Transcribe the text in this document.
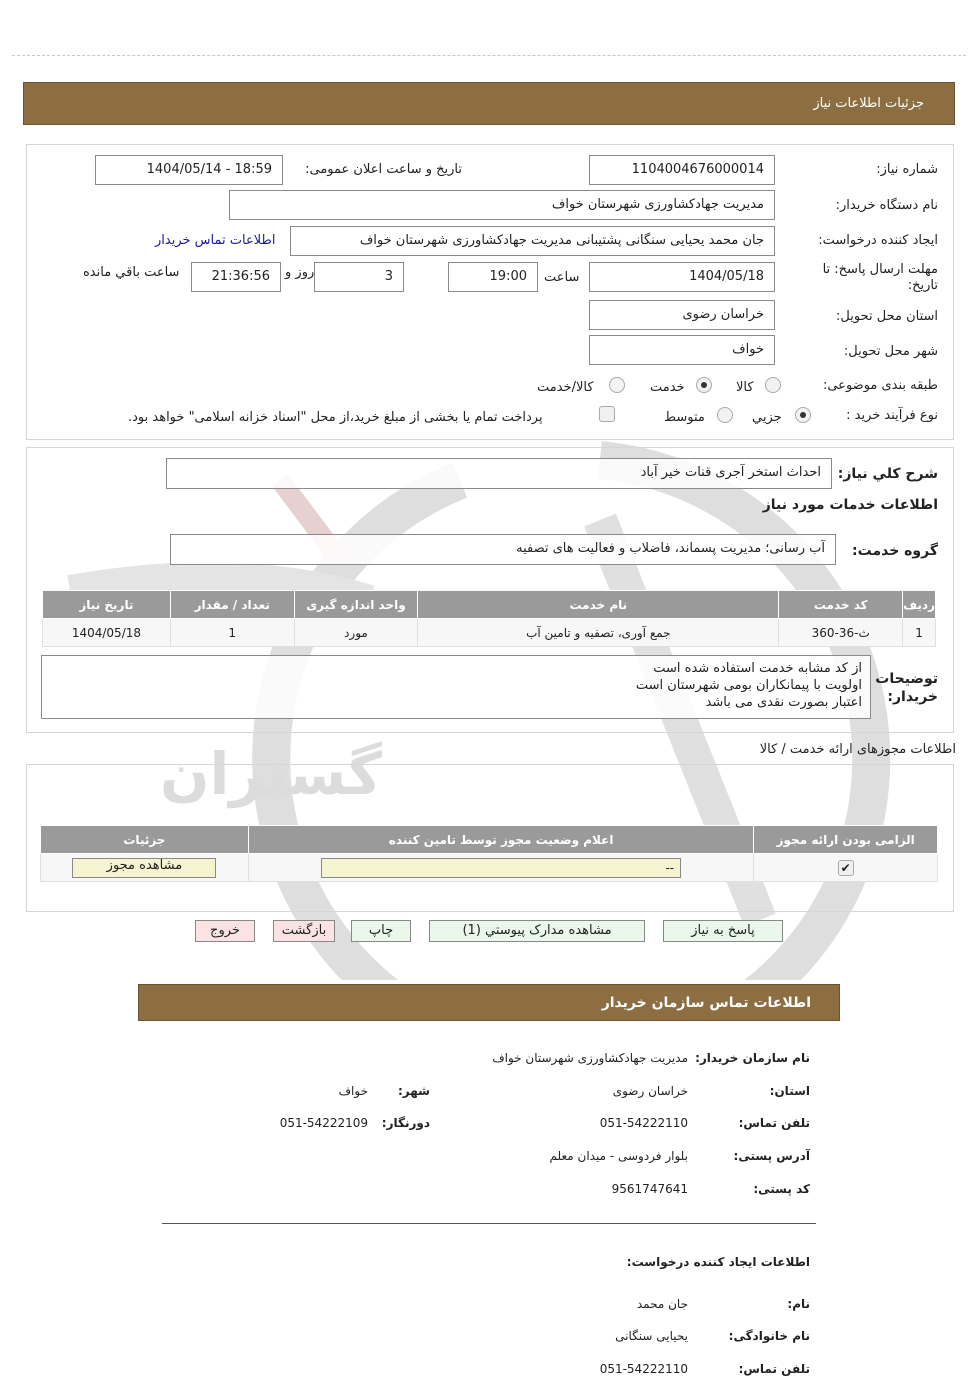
گستران
جزئیات اطلاعات نیاز
شماره نیاز:
1104004676000014
تاریخ و ساعت اعلان عمومی:
1404/05/14 - 18:59
نام دستگاه خریدار:
مدیریت جهادکشاورزی شهرستان خواف
ایجاد کننده درخواست:
جان محمد یحیایی سنگانی پشتیبانی مدیریت جهادکشاورزی شهرستان خواف
اطلاعات تماس خریدار
مهلت ارسال پاسخ: تا
تاریخ:
1404/05/18
ساعت
19:00
3
روز و
21:36:56
ساعت باقي مانده
استان محل تحویل:
خراسان رضوی
شهر محل تحویل:
خواف
طبقه بندی موضوعی:
کالا
خدمت
کالا/خدمت
نوع فرآیند خرید :
جزیي
متوسط
پرداخت تمام یا بخشی از مبلغ خرید،از محل "اسناد خزانه اسلامی" خواهد بود.
شرح کلي نیاز:
احداث استخر آجری قنات خیر آباد
اطلاعات خدمات مورد نیاز
گروه خدمت:
آب رسانی؛ مدیریت پسماند، فاضلاب و فعالیت های تصفیه
ردیف	کد خدمت	نام خدمت	واحد اندازه گیری	تعداد / مقدار	تاریخ نیاز
1	ث-36-360	جمع آوری، تصفیه و تامین آب	مورد	1	1404/05/18
توضیحات
خریدار:
از کد مشابه خدمت استفاده شده است
اولویت با پیمانکاران بومی شهرستان است
اعتبار بصورت نقدی می باشد
اطلاعات مجوزهای ارائه خدمت / کالا
الزامی بودن ارائه مجوز	اعلام وضعیت مجوز توسط تامین کننده	جزئیات
✔	--	مشاهده مجوز
پاسخ به نیاز
مشاهده مدارک پیوستي (1)
چاپ
بازگشت
خروج
اطلاعات تماس سازمان خریدار
نام سازمان خریدار:
مدیریت جهادکشاورزی شهرستان خواف
استان:
خراسان رضوی
شهر:
خواف
تلفن تماس:
051-54222110
دورنگار:
051-54222109
آدرس پستی:
بلوار فردوسی - میدان معلم
کد پستی:
9561747641
اطلاعات ایجاد کننده درخواست:
نام:
جان محمد
نام خانوادگی:
یحیایی سنگانی
تلفن تماس:
051-54222110
